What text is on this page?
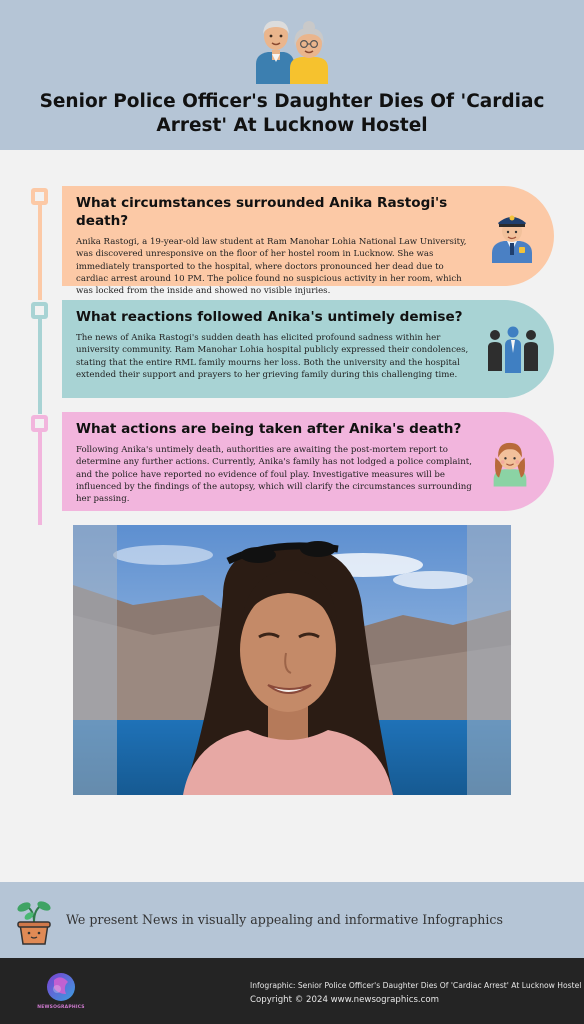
Senior Police Officer's Daughter Dies Of 'Cardiac Arrest' At Lucknow Hostel
What circumstances surrounded Anika Rastogi's death?

Anika Rastogi, a 19-year-old law student at Ram Manohar Lohia National Law University, was discovered unresponsive on the floor of her hostel room in Lucknow. She was immediately transported to the hospital, where doctors pronounced her dead due to cardiac arrest around 10 PM. The police found no suspicious activity in her room, which was locked from the inside and showed no visible injuries.

What reactions followed Anika's untimely demise?

The news of Anika Rastogi's sudden death has elicited profound sadness within her university community. Ram Manohar Lohia hospital publicly expressed their condolences, stating that the entire RML family mourns her loss. Both the university and the hospital extended their support and prayers to her grieving family during this challenging time.

What actions are being taken after Anika's death?

Following Anika's untimely death, authorities are awaiting the post-mortem report to determine any further actions. Currently, Anika's family has not lodged a police complaint, and the police have reported no evidence of foul play. Investigative measures will be influenced by the findings of the autopsy, which will clarify the circumstances surrounding her passing.

We present News in visually appealing and informative Infographics
NEWSOGRAPHICS
Infographic: Senior Police Officer's Daughter Dies Of 'Cardiac Arrest' At Lucknow Hostel
Copyright © 2024 www.newsographics.com
